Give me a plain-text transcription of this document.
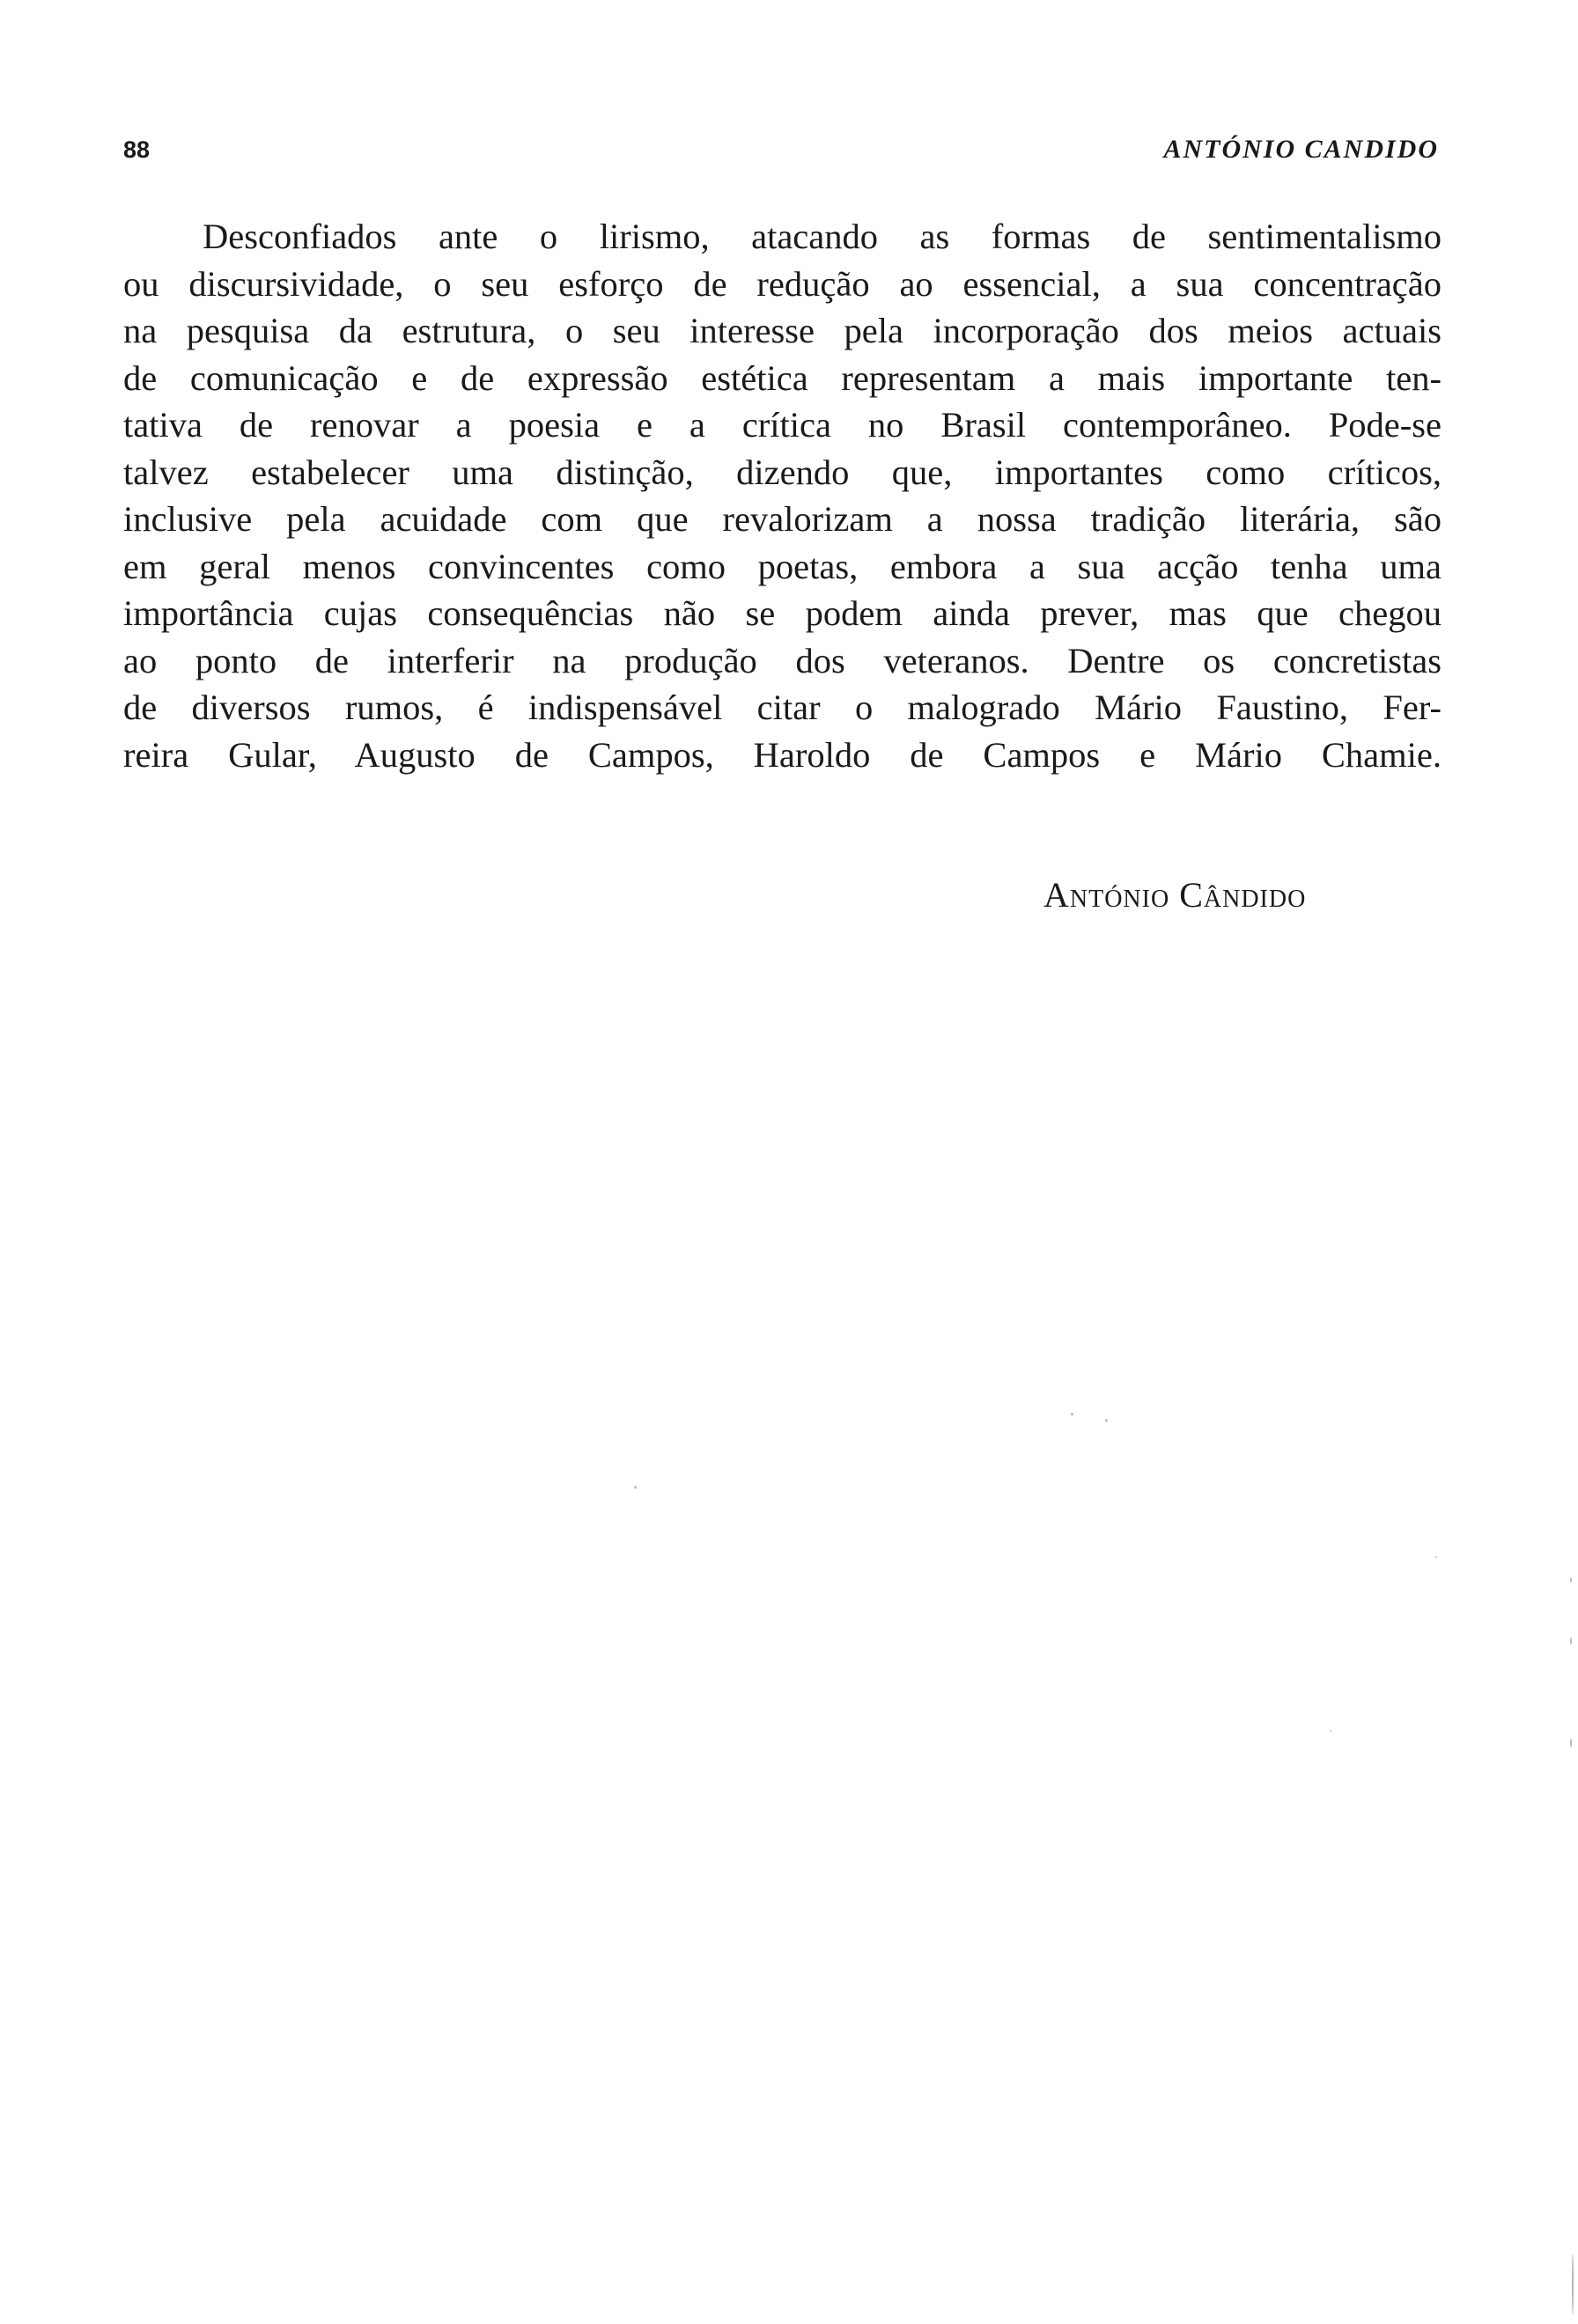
88	ANTÓNIO CANDIDO

Desconfiados ante o lirismo, atacando as formas de sentimentalismo
ou discursividade, o seu esforço de redução ao essencial, a sua concentração
na pesquisa da estrutura, o seu interesse pela incorporação dos meios actuais
de comunicação e de expressão estética representam a mais importante ten-
tativa de renovar a poesia e a crítica no Brasil contemporâneo. Pode-se
talvez estabelecer uma distinção, dizendo que, importantes como críticos,
inclusive pela acuidade com que revalorizam a nossa tradição literária, são
em geral menos convincentes como poetas, embora a sua acção tenha uma
importância cujas consequências não se podem ainda prever, mas que chegou
ao ponto de interferir na produção dos veteranos. Dentre os concretistas
de diversos rumos, é indispensável citar o malogrado Mário Faustino, Fer-
reira Gular, Augusto de Campos, Haroldo de Campos e Mário Chamie.

António Cândido
